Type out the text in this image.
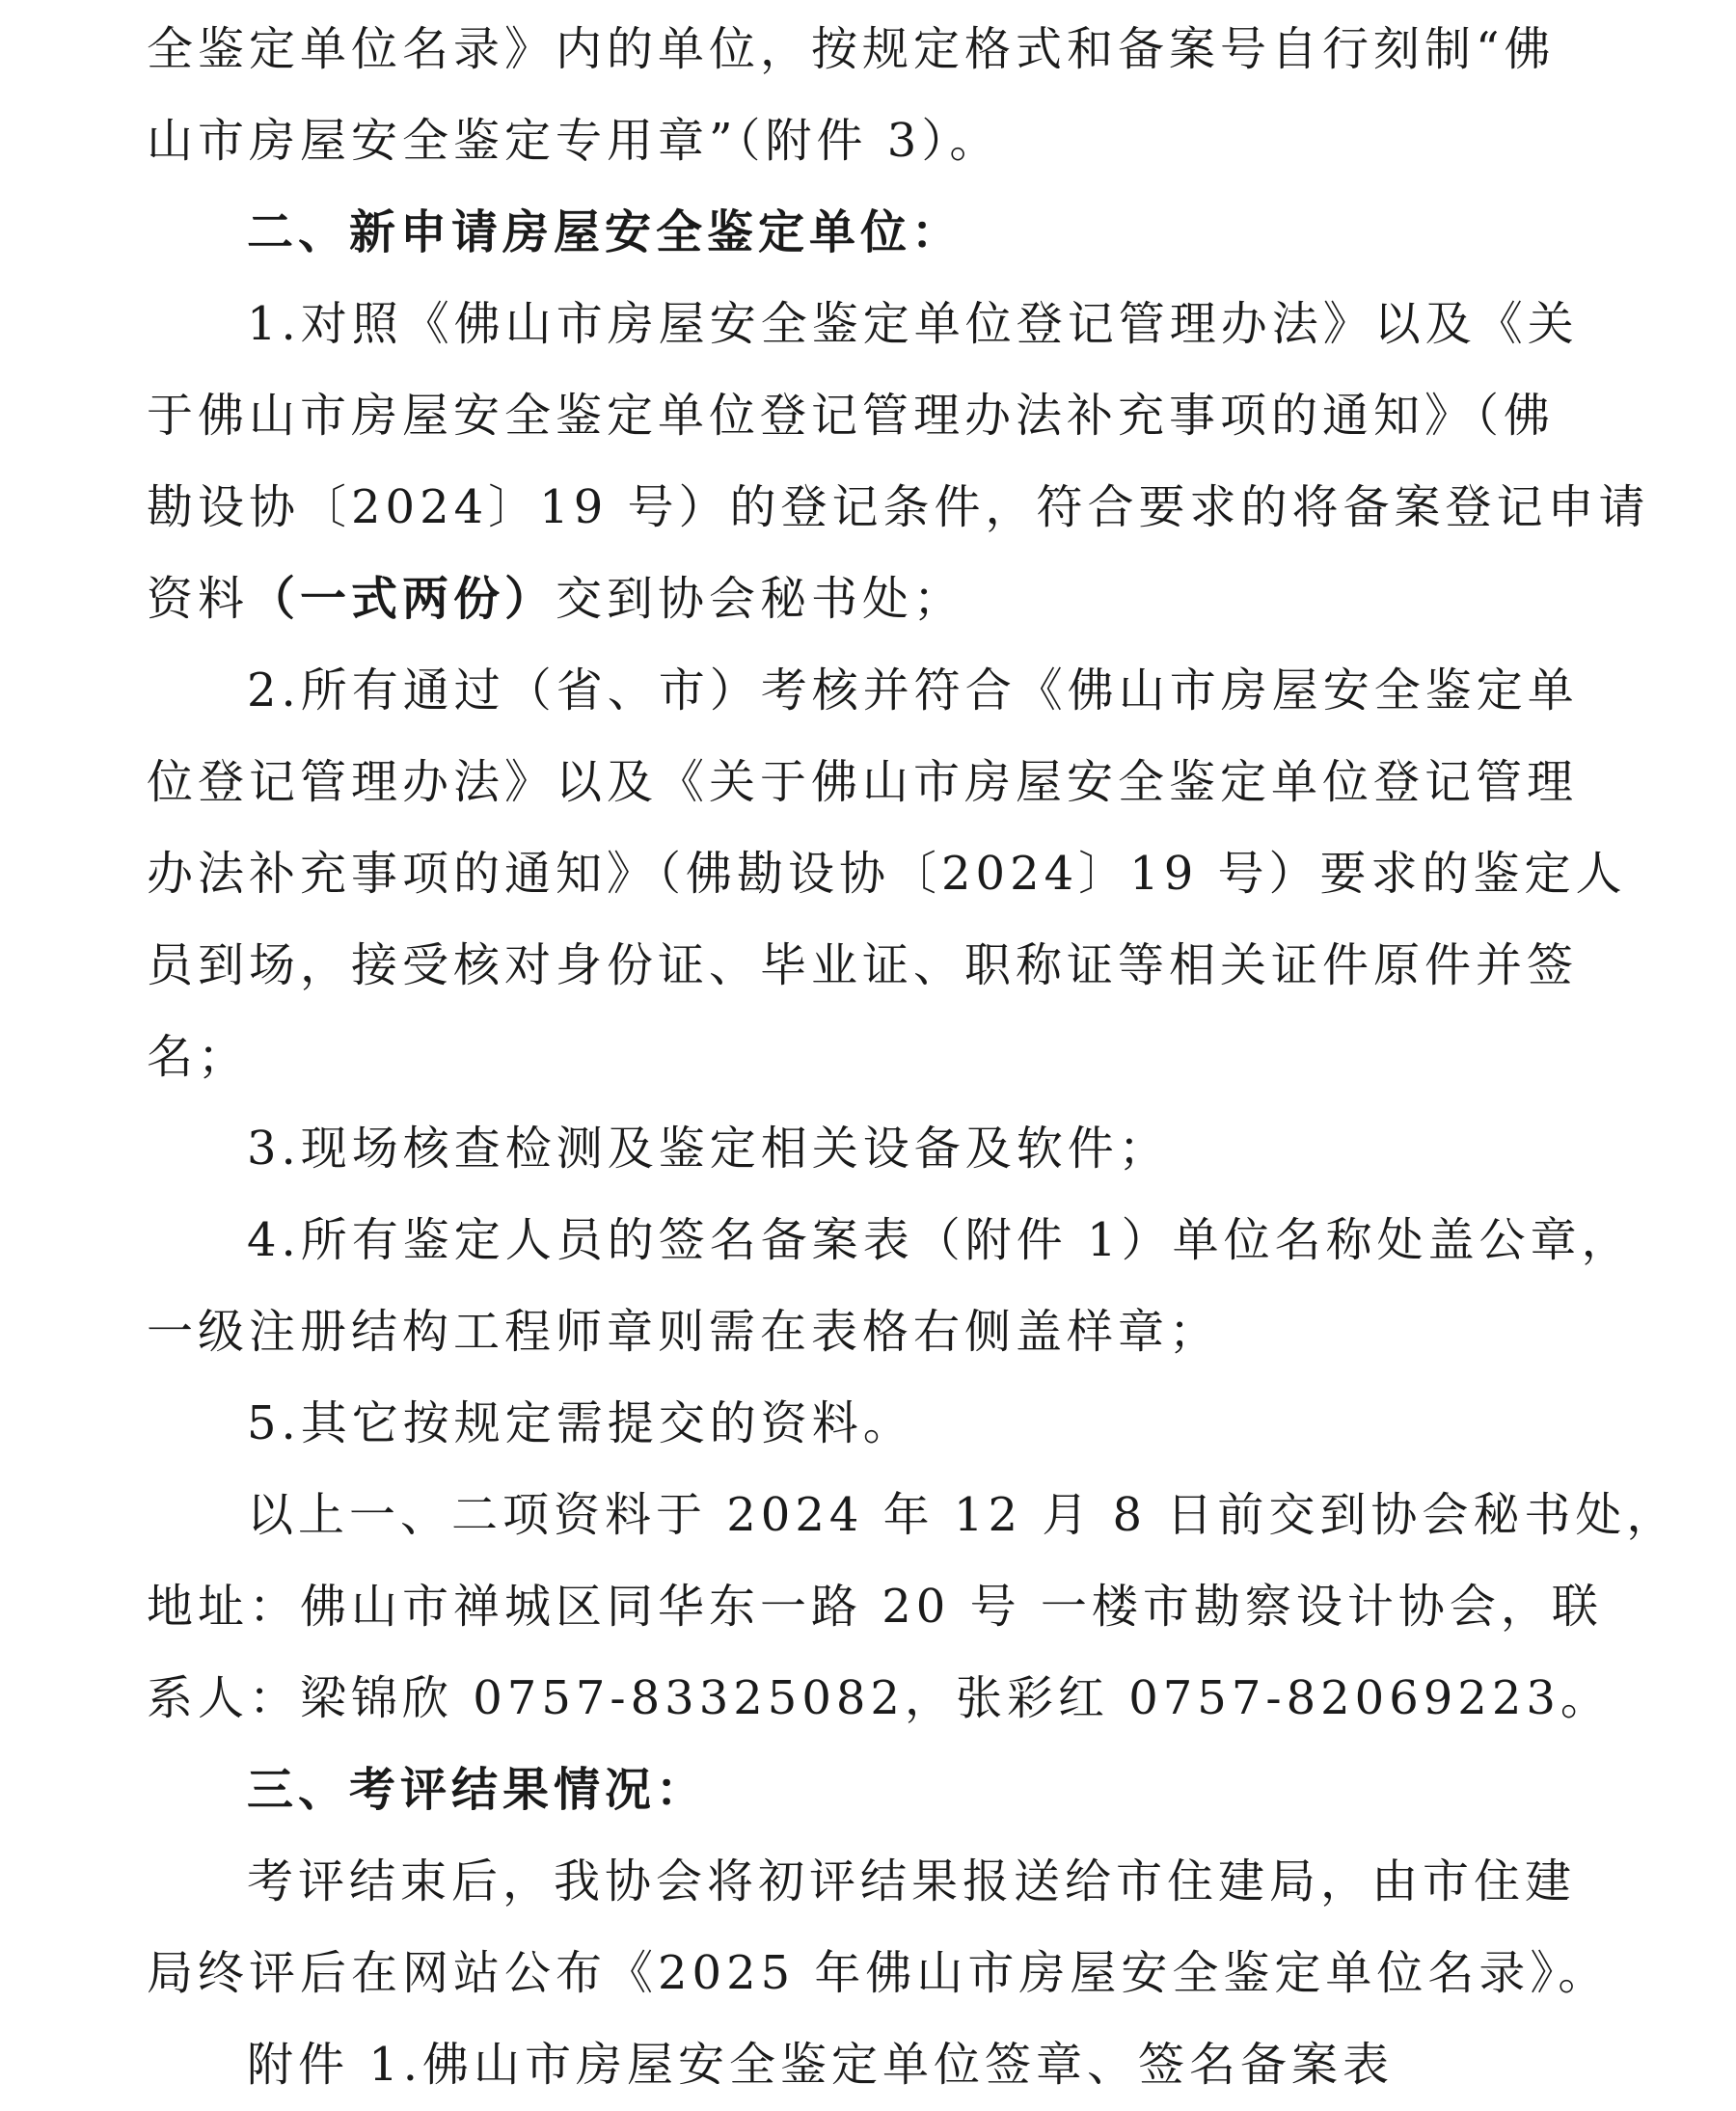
全鉴定单位名录》内的单位，按规定格式和备案号自行刻制“佛
山市房屋安全鉴定专用章”（附件 3）。
二、新申请房屋安全鉴定单位：
1.对照《佛山市房屋安全鉴定单位登记管理办法》以及《关
于佛山市房屋安全鉴定单位登记管理办法补充事项的通知》（佛
勘设协〔2024〕19 号）的登记条件，符合要求的将备案登记申请
资料（一式两份）交到协会秘书处；
2.所有通过（省、市）考核并符合《佛山市房屋安全鉴定单
位登记管理办法》以及《关于佛山市房屋安全鉴定单位登记管理
办法补充事项的通知》（佛勘设协〔2024〕19 号）要求的鉴定人
员到场，接受核对身份证、毕业证、职称证等相关证件原件并签
名；
3.现场核查检测及鉴定相关设备及软件；
4.所有鉴定人员的签名备案表（附件 1）单位名称处盖公章，
一级注册结构工程师章则需在表格右侧盖样章；
5.其它按规定需提交的资料。
以上一、二项资料于 2024 年 12 月 8 日前交到协会秘书处，
地址：佛山市禅城区同华东一路 20 号 一楼市勘察设计协会，联
系人：梁锦欣 0757-83325082，张彩红 0757-82069223。
三、考评结果情况：
考评结束后，我协会将初评结果报送给市住建局，由市住建
局终评后在网站公布《2025 年佛山市房屋安全鉴定单位名录》。
附件 1.佛山市房屋安全鉴定单位签章、签名备案表
